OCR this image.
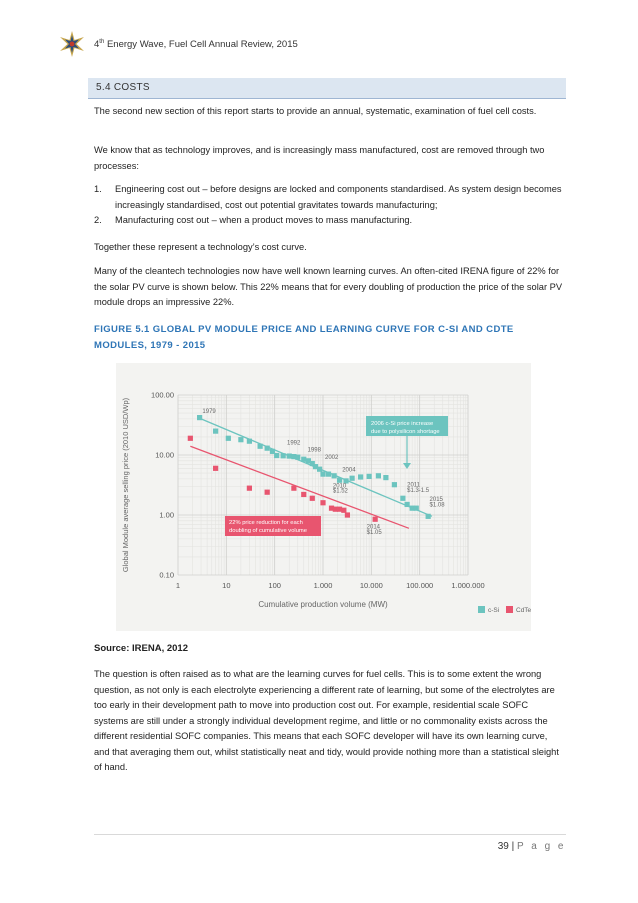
4th Energy Wave, Fuel Cell Annual Review, 2015
5.4 COSTS

The second new section of this report starts to provide an annual, systematic, examination of fuel cell costs.

We know that as technology improves, and is increasingly mass manufactured, cost are removed through two processes:

1. Engineering cost out – before designs are locked and components standardised. As system design becomes increasingly standardised, cost out potential gravitates towards manufacturing;
2. Manufacturing cost out – when a product moves to mass manufacturing.

Together these represent a technology’s cost curve.

Many of the cleantech technologies now have well known learning curves. An often-cited IRENA figure of 22% for the solar PV curve is shown below. This 22% means that for every doubling of production the price of the solar PV module drops an impressive 22%.

FIGURE 5.1 GLOBAL PV MODULE PRICE AND LEARNING CURVE FOR C-SI AND CDTE MODULES, 1979 - 2015
1	10	100	1.000	10.000	100.000 1.000.000
100.00
10.00
1.00
0.10
Cumulative production volume (MW)
Global Module average selling price (2010 USD/Wp)	1979
1992
1998
2002
2004
2010
$1.52
2011
$1.3-1.5
2014
$1.05
2015
$1.08
2006 c-Si price increase
due to polysilicon shortage
22% price reduction for each
doubling of cumulative volume
c-Si	CdTe
Source: IRENA, 2012

The question is often raised as to what are the learning curves for fuel cells. This is to some extent the wrong question, as not only is each electrolyte experiencing a different rate of learning, but some of the electrolytes are too early in their development path to move into production cost out. For example, residential scale SOFC systems are still under a strongly individual development regime, and little or no commonality exists across the different residential SOFC companies. This means that each SOFC developer will have its own learning curve, and that averaging them out, whilst statistically neat and tidy, would provide nothing more than a statistical sleight of hand.

39 | P a g e
